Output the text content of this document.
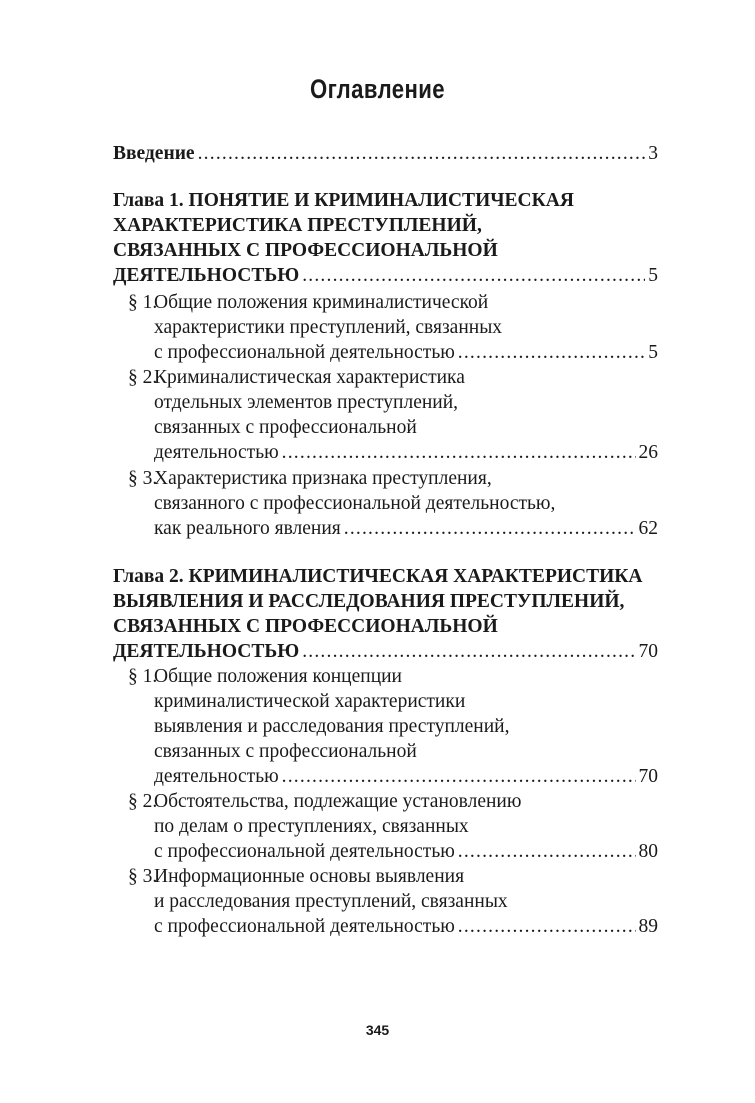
Оглавление
Введение .....	3
Глава 1. ПОНЯТИЕ И КРИМИНАЛИСТИЧЕСКАЯ
ХАРАКТЕРИСТИКА ПРЕСТУПЛЕНИЙ,
СВЯЗАННЫХ С ПРОФЕССИОНАЛЬНОЙ
ДЕЯТЕЛЬНОСТЬЮ .....	5
§ 1.
Общие положения криминалистической
характеристики преступлений, связанных
с профессиональной деятельностью .....	5
§ 2.
Криминалистическая характеристика
отдельных элементов преступлений,
связанных с профессиональной
деятельностью .....	26
§ 3.
Характеристика признака преступления,
связанного с профессиональной деятельностью,
как реального явления .....	62
Глава 2. КРИМИНАЛИСТИЧЕСКАЯ ХАРАКТЕРИСТИКА
ВЫЯВЛЕНИЯ И РАССЛЕДОВАНИЯ ПРЕСТУПЛЕНИЙ,
СВЯЗАННЫХ С ПРОФЕССИОНАЛЬНОЙ
ДЕЯТЕЛЬНОСТЬЮ .....	70
§ 1.
Общие положения концепции
криминалистической характеристики
выявления и расследования преступлений,
связанных с профессиональной
деятельностью .....	70
§ 2.
Обстоятельства, подлежащие установлению
по делам о преступлениях, связанных
с профессиональной деятельностью .....	80
§ 3.
Информационные основы выявления
и расследования преступлений, связанных
с профессиональной деятельностью .....	89
345
